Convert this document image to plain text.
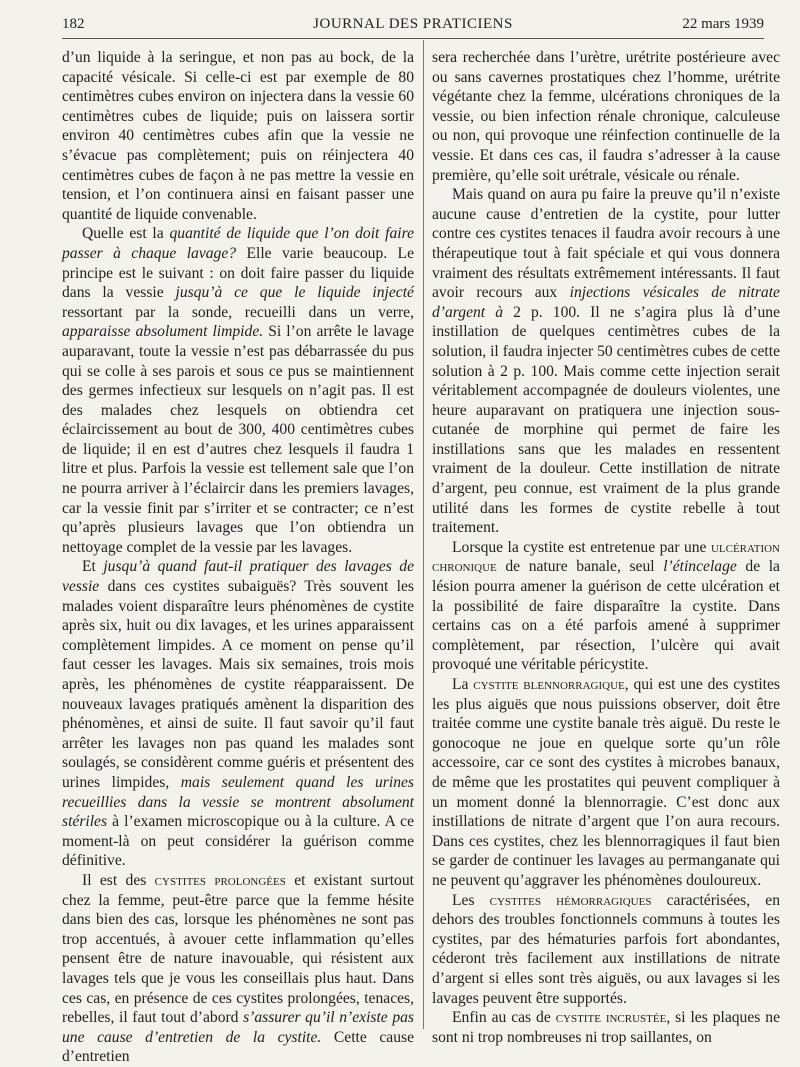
182	JOURNAL DES PRATICIENS	22 mars 1939

d’un liquide à la seringue, et non pas au bock, de la capacité vésicale. Si celle-ci est par exemple de 80 centimètres cubes environ on injectera dans la vessie 60 centimètres cubes de liquide; puis on laissera sortir environ 40 centimètres cubes afin que la vessie ne s’évacue pas complètement; puis on réinjectera 40 centimètres cubes de façon à ne pas mettre la vessie en tension, et l’on continuera ainsi en faisant passer une quantité de liquide convenable.

Quelle est la quantité de liquide que l’on doit faire passer à chaque lavage? Elle varie beaucoup. Le principe est le suivant : on doit faire passer du liquide dans la vessie jusqu’à ce que le liquide injecté ressortant par la sonde, recueilli dans un verre, apparaisse absolument limpide. Si l’on arrête le lavage auparavant, toute la vessie n’est pas débarrassée du pus qui se colle à ses parois et sous ce pus se maintiennent des germes infectieux sur lesquels on n’agit pas. Il est des malades chez lesquels on obtiendra cet éclaircissement au bout de 300, 400 centimètres cubes de liquide; il en est d’autres chez lesquels il faudra 1 litre et plus. Parfois la vessie est tellement sale que l’on ne pourra arriver à l’éclaircir dans les premiers lavages, car la vessie finit par s’irriter et se contracter; ce n’est qu’après plusieurs lavages que l’on obtiendra un nettoyage complet de la vessie par les lavages.

Et jusqu’à quand faut-il pratiquer des lavages de vessie dans ces cystites subaiguës? Très souvent les malades voient disparaître leurs phénomènes de cystite après six, huit ou dix lavages, et les urines apparaissent complètement limpides. A ce moment on pense qu’il faut cesser les lavages. Mais six semaines, trois mois après, les phénomènes de cystite réapparaissent. De nouveaux lavages pratiqués amènent la disparition des phénomènes, et ainsi de suite. Il faut savoir qu’il faut arrêter les lavages non pas quand les malades sont soulagés, se considèrent comme guéris et présentent des urines limpides, mais seulement quand les urines recueillies dans la vessie se montrent absolument stériles à l’examen microscopique ou à la culture. A ce moment-là on peut considérer la guérison comme définitive.

Il est des cystites prolongées et existant surtout chez la femme, peut-être parce que la femme hésite dans bien des cas, lorsque les phénomènes ne sont pas trop accentués, à avouer cette inflammation qu’elles pensent être de nature inavouable, qui résistent aux lavages tels que je vous les conseillais plus haut. Dans ces cas, en présence de ces cystites prolongées, tenaces, rebelles, il faut tout d’abord s’assurer qu’il n’existe pas une cause d’entretien de la cystite. Cette cause d’entretien

sera recherchée dans l’urètre, urétrite postérieure avec ou sans cavernes prostatiques chez l’homme, urétrite végétante chez la femme, ulcérations chroniques de la vessie, ou bien infection rénale chronique, calculeuse ou non, qui provoque une réinfection continuelle de la vessie. Et dans ces cas, il faudra s’adresser à la cause première, qu’elle soit urétrale, vésicale ou rénale.

Mais quand on aura pu faire la preuve qu’il n’existe aucune cause d’entretien de la cystite, pour lutter contre ces cystites tenaces il faudra avoir recours à une thérapeutique tout à fait spéciale et qui vous donnera vraiment des résultats extrêmement intéressants. Il faut avoir recours aux injections vésicales de nitrate d’argent à 2 p. 100. Il ne s’agira plus là d’une instillation de quelques centimètres cubes de la solution, il faudra injecter 50 centimètres cubes de cette solution à 2 p. 100. Mais comme cette injection serait véritablement accompagnée de douleurs violentes, une heure auparavant on pratiquera une injection sous-cutanée de morphine qui permet de faire les instillations sans que les malades en ressentent vraiment de la douleur. Cette instillation de nitrate d’argent, peu connue, est vraiment de la plus grande utilité dans les formes de cystite rebelle à tout traitement.

Lorsque la cystite est entretenue par une ulcération chronique de nature banale, seul l’étincelage de la lésion pourra amener la guérison de cette ulcération et la possibilité de faire disparaître la cystite. Dans certains cas on a été parfois amené à supprimer complètement, par résection, l’ulcère qui avait provoqué une véritable péricystite.

La cystite blennorragique, qui est une des cystites les plus aiguës que nous puissions observer, doit être traitée comme une cystite banale très aiguë. Du reste le gonocoque ne joue en quelque sorte qu’un rôle accessoire, car ce sont des cystites à microbes banaux, de même que les prostatites qui peuvent compliquer à un moment donné la blennorragie. C’est donc aux instillations de nitrate d’argent que l’on aura recours. Dans ces cystites, chez les blennorragiques il faut bien se garder de continuer les lavages au permanganate qui ne peuvent qu’aggraver les phénomènes douloureux.

Les cystites hémorragiques caractérisées, en dehors des troubles fonctionnels communs à toutes les cystites, par des hématuries parfois fort abondantes, céderont très facilement aux instillations de nitrate d’argent si elles sont très aiguës, ou aux lavages si les lavages peuvent être supportés.

Enfin au cas de cystite incrustée, si les plaques ne sont ni trop nombreuses ni trop saillantes, on
